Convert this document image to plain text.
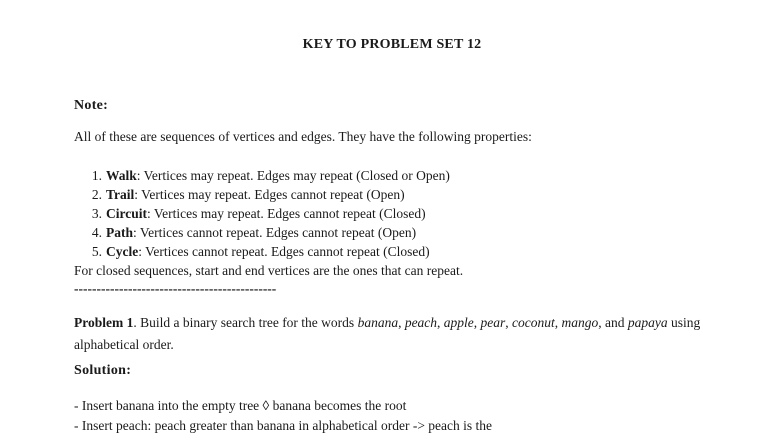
KEY TO PROBLEM SET 12
Note:
All of these are sequences of vertices and edges. They have the following properties:
1. Walk: Vertices may repeat. Edges may repeat (Closed or Open)
2. Trail: Vertices may repeat. Edges cannot repeat (Open)
3. Circuit: Vertices may repeat. Edges cannot repeat (Closed)
4. Path: Vertices cannot repeat. Edges cannot repeat (Open)
5. Cycle: Vertices cannot repeat. Edges cannot repeat (Closed)
For closed sequences, start and end vertices are the ones that can repeat.
---------------------------------------------
Problem 1. Build a binary search tree for the words banana, peach, apple, pear, coconut, mango, and papaya using alphabetical order.
Solution:
- Insert banana into the empty tree ◊ banana becomes the root
- Insert peach: peach greater than banana in alphabetical order -> peach is the
